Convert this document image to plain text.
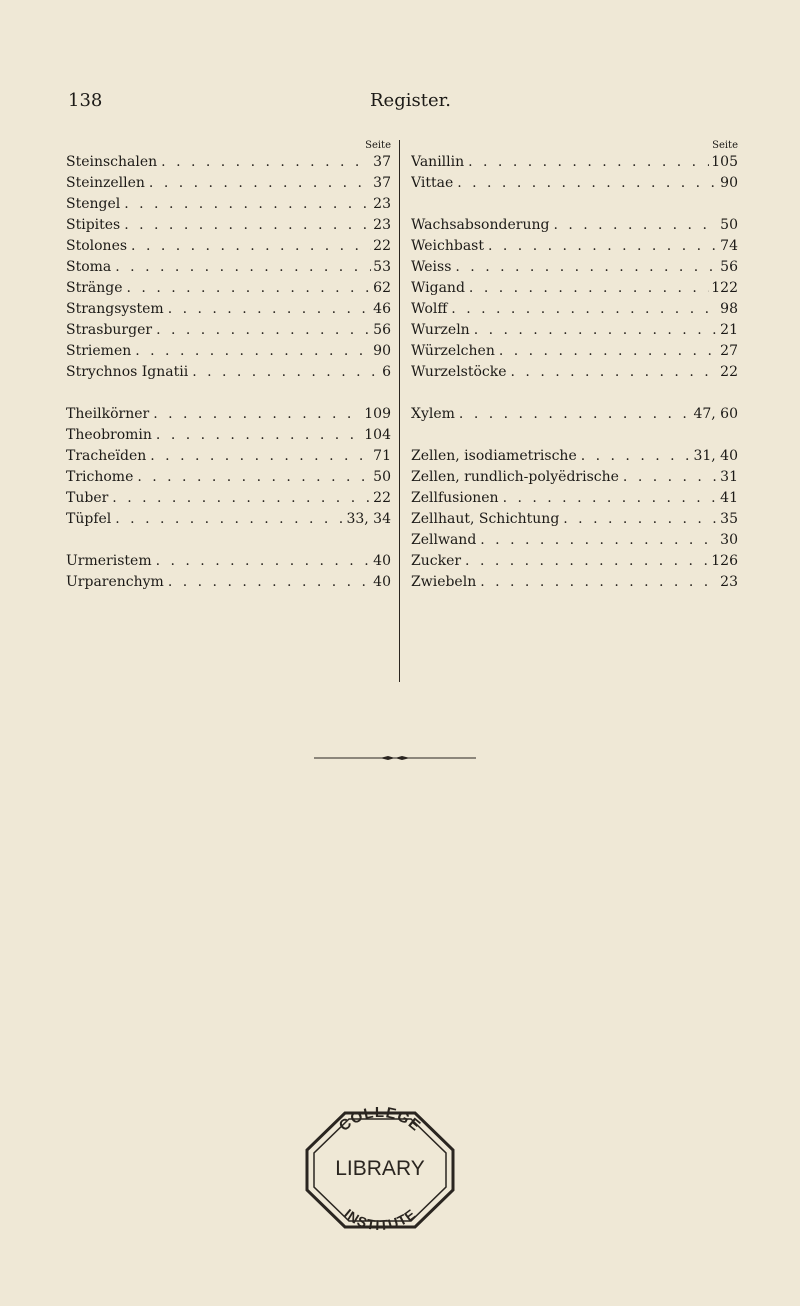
138	Register.
Seite
Steinschalen . . .	37
Steinzellen . . .	37
Stengel . . .	23
Stipites . . .	23
Stolones . . .	22
Stoma . . .	53
Stränge . . .	62
Strangsystem . . .	46
Strasburger . . .	56
Striemen . . .	90
Strychnos Ignatii . . .	6
Theilkörner . . .	109
Theobromin . . .	104
Tracheïden . . .	71
Trichome . . .	50
Tuber . . .	22
Tüpfel . . .	33, 34
Urmeristem . . .	40
Urparenchym . . .	40
Seite
Vanillin . . .	105
Vittae . . .	90
Wachsabsonderung . . .	50
Weichbast . . .	74
Weiss . . .	56
Wigand . . .	122
Wolff . . .	98
Wurzeln . . .	21
Würzelchen . . .	27
Wurzelstöcke . . .	22
Xylem . . .	47, 60
Zellen, isodiametrische . . .	31, 40
Zellen, rundlich-polyëdrische . . .	31
Zellfusionen . . .	41
Zellhaut, Schichtung . . .	35
Zellwand . . .	30
Zucker . . .	126
Zwiebeln . . .	23
COLLEGE
LIBRARY
INSTITUTE
